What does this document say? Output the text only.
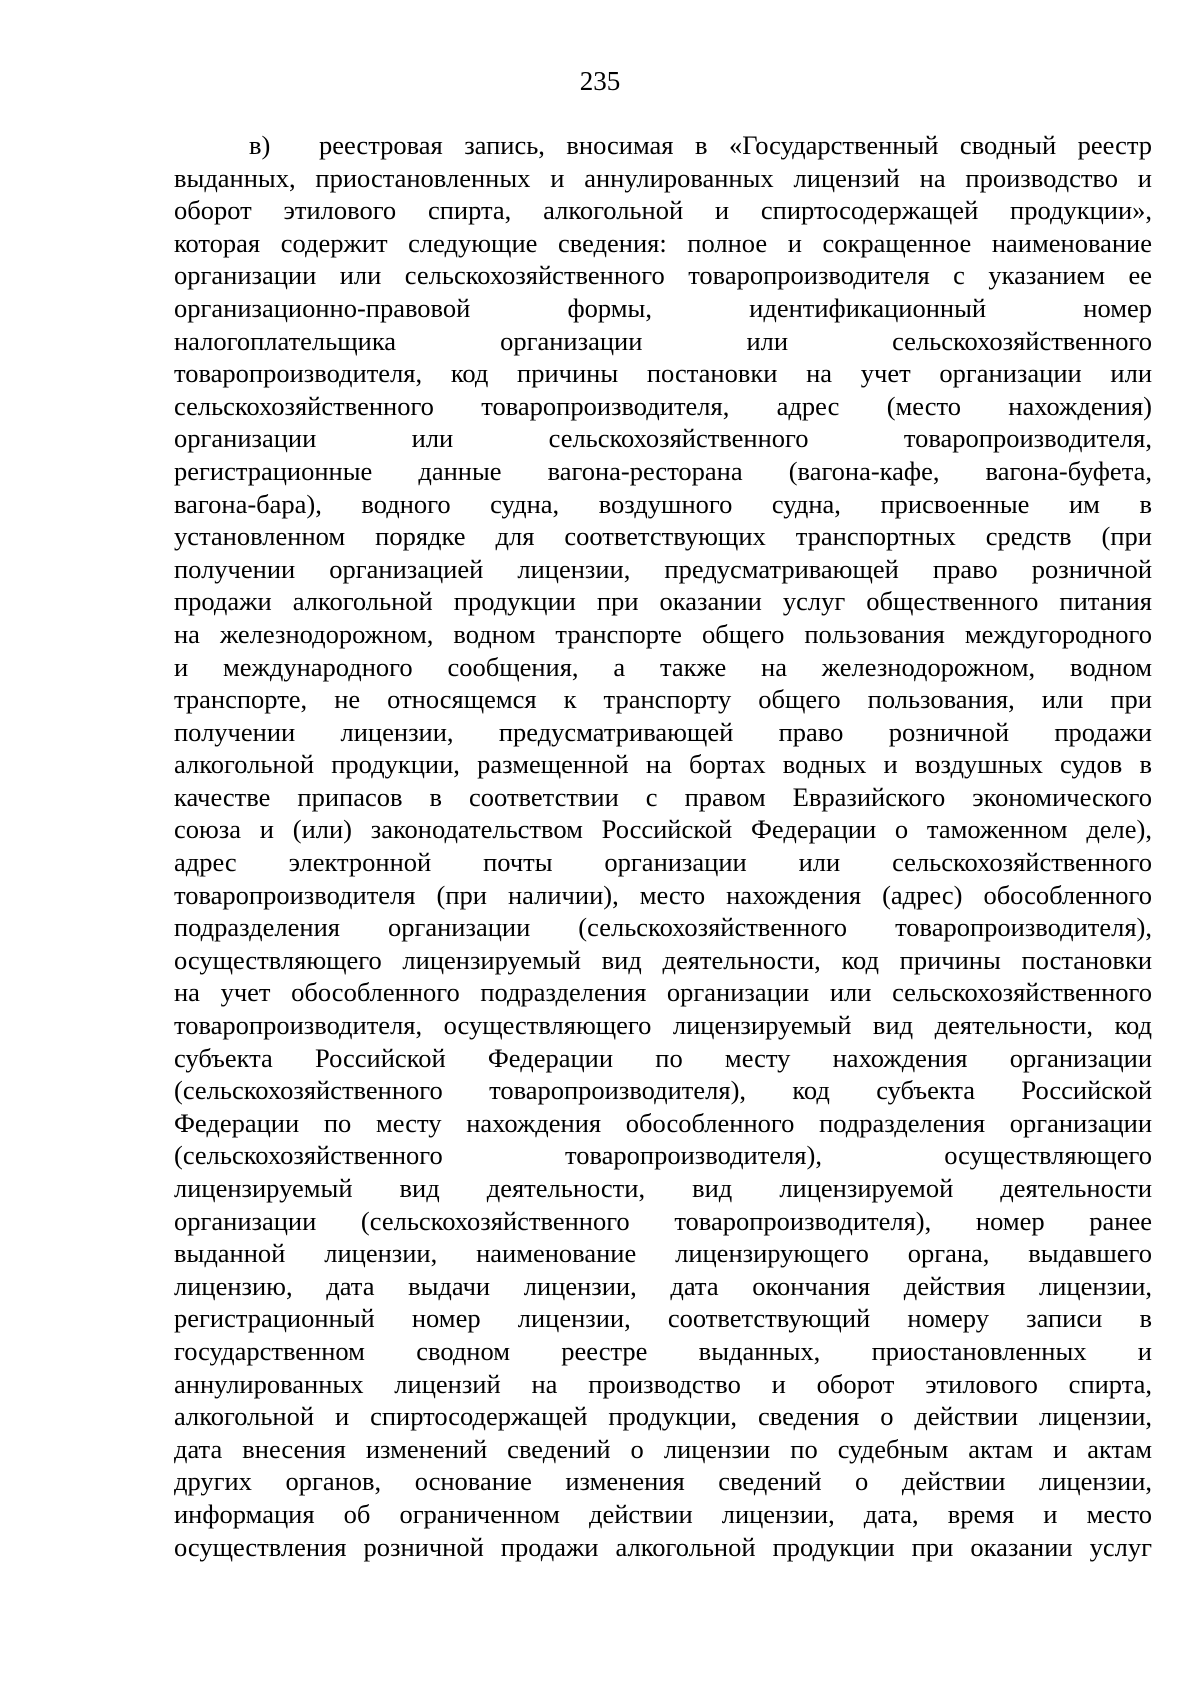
235
в) реестровая запись, вносимая в «Государственный сводный реестр
выданных, приостановленных и аннулированных лицензий на производство и
оборот этилового спирта, алкогольной и спиртосодержащей продукции»,
которая содержит следующие сведения: полное и сокращенное наименование
организации или сельскохозяйственного товаропроизводителя с указанием ее
организационно-правовой формы, идентификационный номер
налогоплательщика организации или сельскохозяйственного
товаропроизводителя, код причины постановки на учет организации или
сельскохозяйственного товаропроизводителя, адрес (место нахождения)
организации или сельскохозяйственного товаропроизводителя,
регистрационные данные вагона-ресторана (вагона-кафе, вагона-буфета,
вагона-бара), водного судна, воздушного судна, присвоенные им в
установленном порядке для соответствующих транспортных средств (при
получении организацией лицензии, предусматривающей право розничной
продажи алкогольной продукции при оказании услуг общественного питания
на железнодорожном, водном транспорте общего пользования междугородного
и международного сообщения, а также на железнодорожном, водном
транспорте, не относящемся к транспорту общего пользования, или при
получении лицензии, предусматривающей право розничной продажи
алкогольной продукции, размещенной на бортах водных и воздушных судов в
качестве припасов в соответствии с правом Евразийского экономического
союза и (или) законодательством Российской Федерации о таможенном деле),
адрес электронной почты организации или сельскохозяйственного
товаропроизводителя (при наличии), место нахождения (адрес) обособленного
подразделения организации (сельскохозяйственного товаропроизводителя),
осуществляющего лицензируемый вид деятельности, код причины постановки
на учет обособленного подразделения организации или сельскохозяйственного
товаропроизводителя, осуществляющего лицензируемый вид деятельности, код
субъекта Российской Федерации по месту нахождения организации
(сельскохозяйственного товаропроизводителя), код субъекта Российской
Федерации по месту нахождения обособленного подразделения организации
(сельскохозяйственного товаропроизводителя), осуществляющего
лицензируемый вид деятельности, вид лицензируемой деятельности
организации (сельскохозяйственного товаропроизводителя), номер ранее
выданной лицензии, наименование лицензирующего органа, выдавшего
лицензию, дата выдачи лицензии, дата окончания действия лицензии,
регистрационный номер лицензии, соответствующий номеру записи в
государственном сводном реестре выданных, приостановленных и
аннулированных лицензий на производство и оборот этилового спирта,
алкогольной и спиртосодержащей продукции, сведения о действии лицензии,
дата внесения изменений сведений о лицензии по судебным актам и актам
других органов, основание изменения сведений о действии лицензии,
информация об ограниченном действии лицензии, дата, время и место
осуществления розничной продажи алкогольной продукции при оказании услуг
